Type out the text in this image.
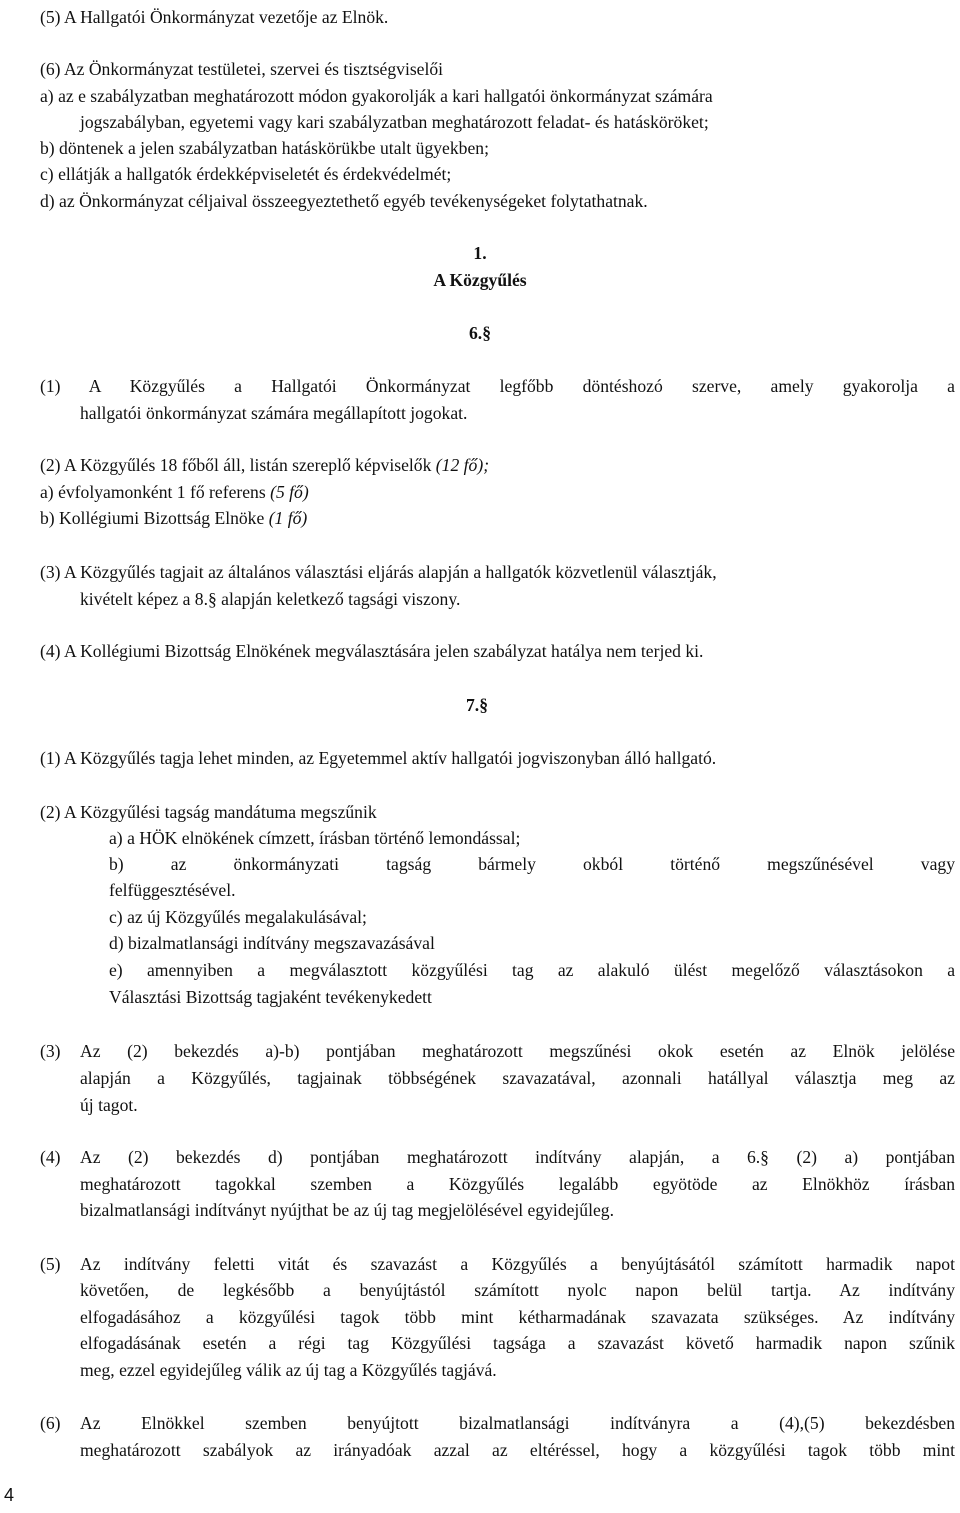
(5) A Hallgatói Önkormányzat vezetője az Elnök.
(6) Az Önkormányzat testületei, szervei és tisztségviselői
a) az e szabályzatban meghatározott módon gyakorolják a kari hallgatói önkormányzat számára
jogszabályban, egyetemi vagy kari szabályzatban meghatározott feladat- és hatásköröket;
b) döntenek a jelen szabályzatban hatáskörükbe utalt ügyekben;
c) ellátják a hallgatók érdekképviseletét és érdekvédelmét;
d) az Önkormányzat céljaival összeegyeztethető egyéb tevékenységeket folytathatnak.
1.
A Közgyűlés
6.§
(1) A Közgyűlés a Hallgatói Önkormányzat legfőbb döntéshozó szerve, amely gyakorolja a
hallgatói önkormányzat számára megállapított jogokat.
(2) A Közgyűlés 18 főből áll, listán szereplő képviselők (12 fő);
a) évfolyamonként 1 fő referens (5 fő)
b) Kollégiumi Bizottság Elnöke (1 fő)
(3) A Közgyűlés tagjait az általános választási eljárás alapján a hallgatók közvetlenül választják,
kivételt képez a 8.§ alapján keletkező tagsági viszony.
(4) A Kollégiumi Bizottság Elnökének megválasztására jelen szabályzat hatálya nem terjed ki.
7.§
(1) A Közgyűlés tagja lehet minden, az Egyetemmel aktív hallgatói jogviszonyban álló hallgató.
(2) A Közgyűlési tagság mandátuma megszűnik
a) a HÖK elnökének címzett, írásban történő lemondással;
b) az önkormányzati tagság bármely okból történő megszűnésével vagy
felfüggesztésével.
c) az új Közgyűlés megalakulásával;
d) bizalmatlansági indítvány megszavazásával
e) amennyiben a megválasztott közgyűlési tag az alakuló ülést megelőző választásokon a
Választási Bizottság tagjaként tevékenykedett
(3) Az (2) bekezdés a)-b) pontjában meghatározott megszűnési okok esetén az Elnök jelölése
alapján a Közgyűlés, tagjainak többségének szavazatával, azonnali hatállyal választja meg az
új tagot.
(4) Az (2) bekezdés d) pontjában meghatározott indítvány alapján, a 6.§ (2) a) pontjában
meghatározott tagokkal szemben a Közgyűlés legalább egyötöde az Elnökhöz írásban
bizalmatlansági indítványt nyújthat be az új tag megjelölésével egyidejűleg.
(5) Az indítvány feletti vitát és szavazást a Közgyűlés a benyújtásától számított harmadik napot
követően, de legkésőbb a benyújtástól számított nyolc napon belül tartja. Az indítvány
elfogadásához a közgyűlési tagok több mint kétharmadának szavazata szükséges. Az indítvány
elfogadásának esetén a régi tag Közgyűlési tagsága a szavazást követő harmadik napon szűnik
meg, ezzel egyidejűleg válik az új tag a Közgyűlés tagjává.
(6) Az Elnökkel szemben benyújtott bizalmatlansági indítványra a (4),(5) bekezdésben
meghatározott szabályok az irányadóak azzal az eltéréssel, hogy a közgyűlési tagok több mint
4
